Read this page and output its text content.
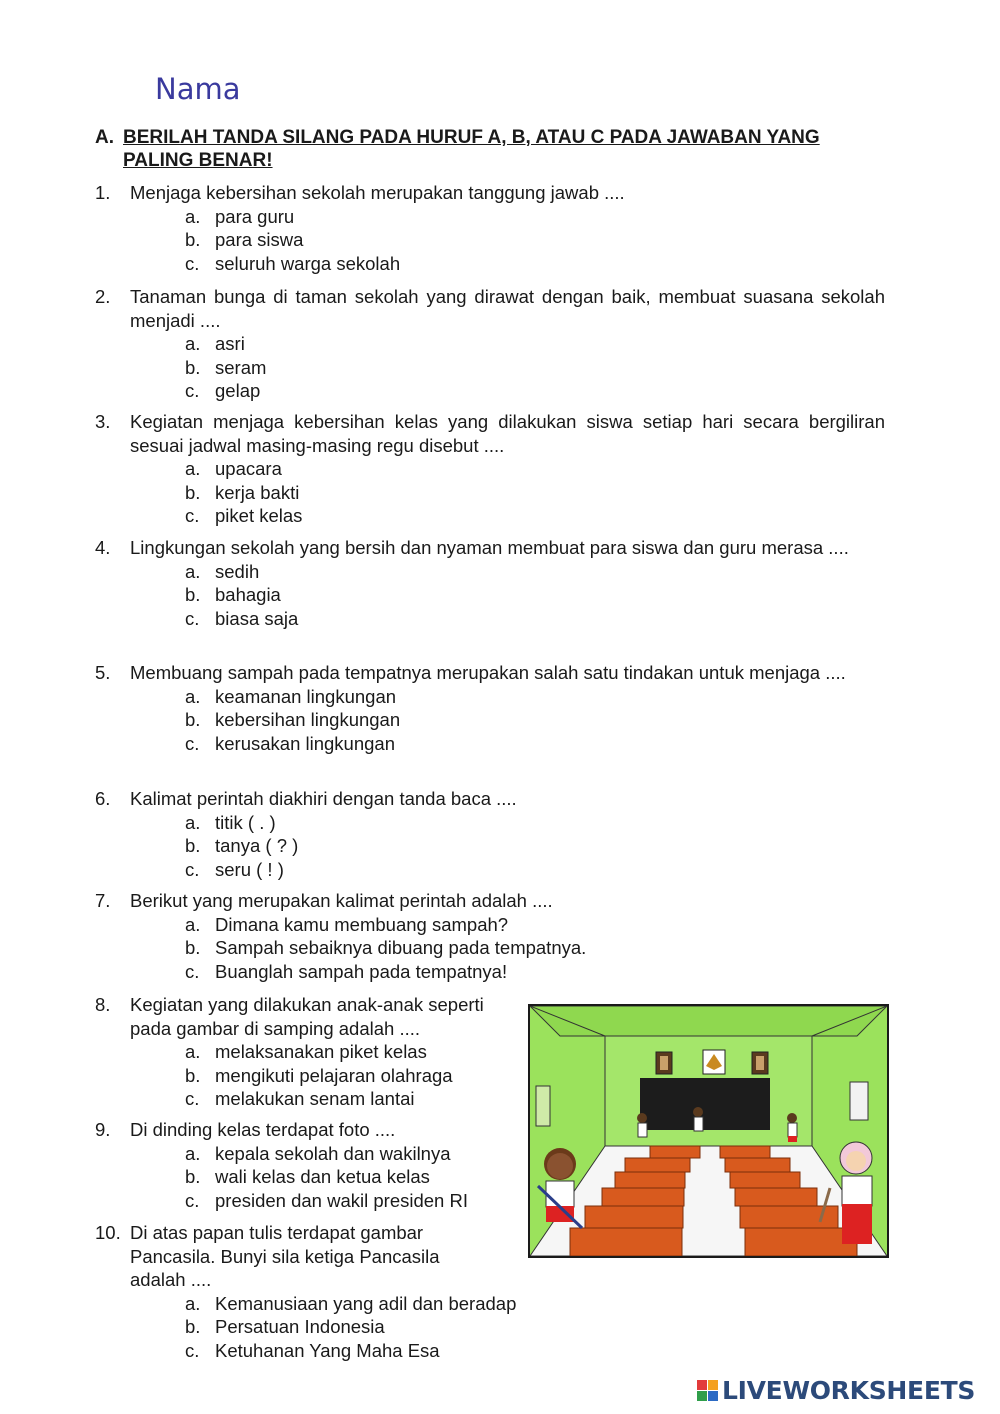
Nama
A. BERILAH TANDA SILANG PADA HURUF A, B, ATAU C PADA JAWABAN YANG PALING BENAR!
1. Menjaga kebersihan sekolah merupakan tanggung jawab ....
a. para guru
b. para siswa
c. seluruh warga sekolah
2. Tanaman bunga di taman sekolah yang dirawat dengan baik, membuat suasana sekolah menjadi ....
a. asri
b. seram
c. gelap
3. Kegiatan menjaga kebersihan kelas yang dilakukan siswa setiap hari secara bergiliran sesuai jadwal masing-masing regu disebut ....
a. upacara
b. kerja bakti
c. piket kelas
4. Lingkungan sekolah yang bersih dan nyaman membuat para siswa dan guru merasa ....
a. sedih
b. bahagia
c. biasa saja
5. Membuang sampah pada tempatnya merupakan salah satu tindakan untuk menjaga ....
a. keamanan lingkungan
b. kebersihan lingkungan
c. kerusakan lingkungan
6. Kalimat perintah diakhiri dengan tanda baca ....
a. titik ( . )
b. tanya ( ? )
c. seru ( ! )
7. Berikut yang merupakan kalimat perintah adalah ....
a. Dimana kamu membuang sampah?
b. Sampah sebaiknya dibuang pada tempatnya.
c. Buanglah sampah pada tempatnya!
8. Kegiatan yang dilakukan anak-anak seperti pada gambar di samping adalah ....
a. melaksanakan piket kelas
b. mengikuti pelajaran olahraga
c. melakukan senam lantai
9. Di dinding kelas terdapat foto ....
a. kepala sekolah dan wakilnya
b. wali kelas dan ketua kelas
c. presiden dan wakil presiden RI
10. Di atas papan tulis terdapat gambar Pancasila. Bunyi sila ketiga Pancasila adalah ....
a. Kemanusiaan yang adil dan beradap
b. Persatuan Indonesia
c. Ketuhanan Yang Maha Esa
LIVEWORKSHEETS
